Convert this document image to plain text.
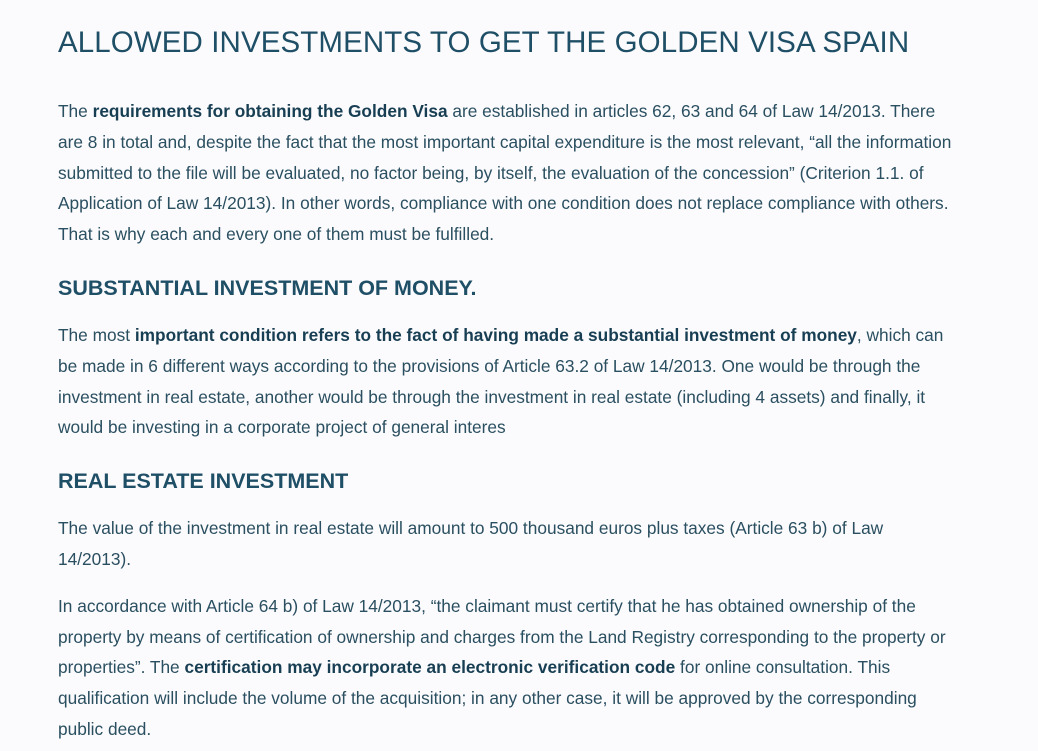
ALLOWED INVESTMENTS TO GET THE GOLDEN VISA SPAIN

The requirements for obtaining the Golden Visa are established in articles 62, 63 and 64 of Law 14/2013. There are 8 in total and, despite the fact that the most important capital expenditure is the most relevant, “all the information submitted to the file will be evaluated, no factor being, by itself, the evaluation of the concession” (Criterion 1.1. of Application of Law 14/2013). In other words, compliance with one condition does not replace compliance with others. That is why each and every one of them must be fulfilled.

SUBSTANTIAL INVESTMENT OF MONEY.

The most important condition refers to the fact of having made a substantial investment of money, which can be made in 6 different ways according to the provisions of Article 63.2 of Law 14/2013. One would be through the investment in real estate, another would be through the investment in real estate (including 4 assets) and finally, it would be investing in a corporate project of general interes

REAL ESTATE INVESTMENT

The value of the investment in real estate will amount to 500 thousand euros plus taxes (Article 63 b) of Law 14/2013).

In accordance with Article 64 b) of Law 14/2013, “the claimant must certify that he has obtained ownership of the property by means of certification of ownership and charges from the Land Registry corresponding to the property or properties”. The certification may incorporate an electronic verification code for online consultation. This qualification will include the volume of the acquisition; in any other case, it will be approved by the corresponding public deed.
